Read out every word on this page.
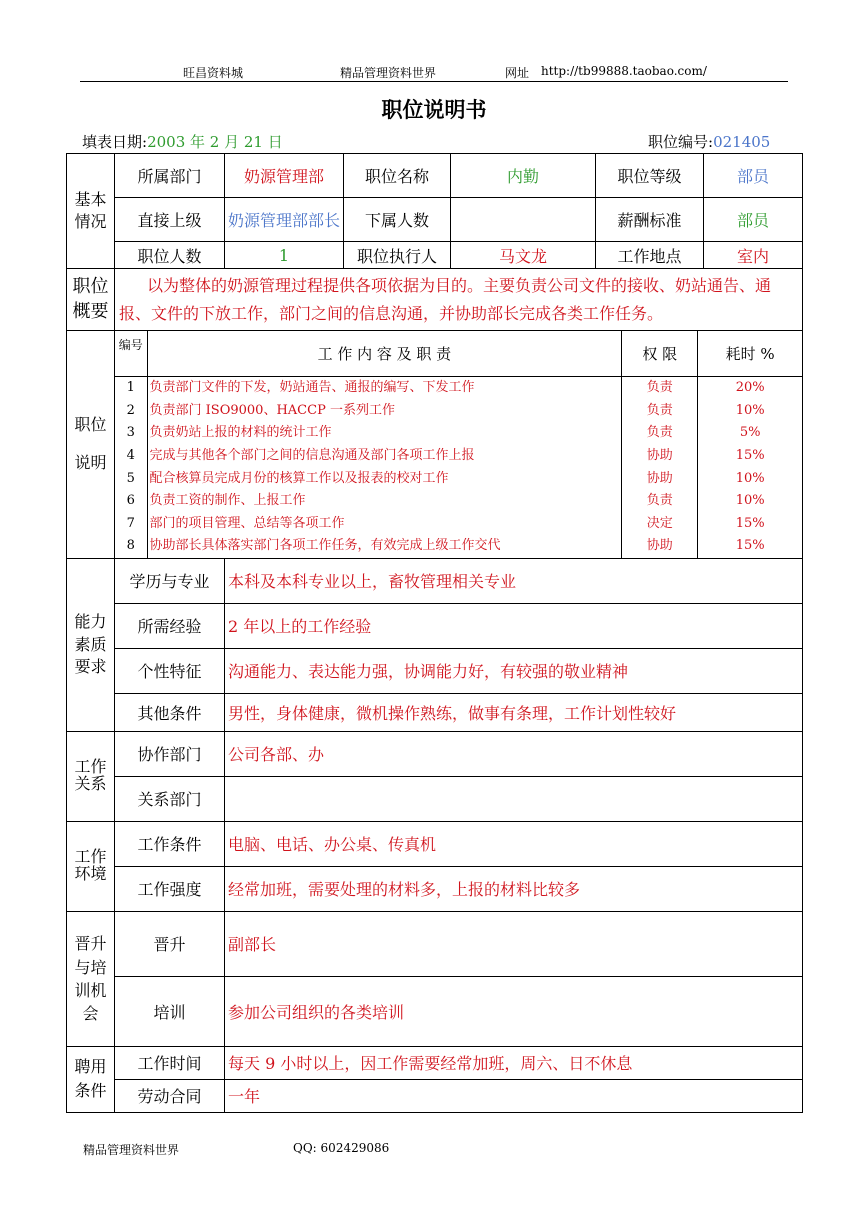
旺昌资料城	精品管理资料世界	网址 http://tb99888.taobao.com/
职位说明书
填表日期:2003 年 2 月 21 日	职位编号:021405
基本情况	所属部门	奶源管理部	职位名称	内勤	职位等级	部员
直接上级	奶源管理部部长	下属人数		薪酬标准	部员
职位人数	1	职位执行人	马文龙	工作地点	室内
职位概要	以为整体的奶源管理过程提供各项依据为目的。主要负责公司文件的接收、奶站通告、通报、文件的下放工作，部门之间的信息沟通，并协助部长完成各类工作任务。
职位说明	
编号	工 作 内 容 及 职 责	权 限	耗时 %
1	负责部门文件的下发，奶站通告、通报的编写、下发工作	负责	20%
2	负责部门 ISO9000、HACCP 一系列工作	负责	10%
3	负责奶站上报的材料的统计工作	负责	5%
4	完成与其他各个部门之间的信息沟通及部门各项工作上报	协助	15%
5	配合核算员完成月份的核算工作以及报表的校对工作	协助	10%
6	负责工资的制作、上报工作	负责	10%
7	部门的项目管理、总结等各项工作	决定	15%
8	协助部长具体落实部门各项工作任务，有效完成上级工作交代	协助	15%

能力素质要求	学历与专业	本科及本科专业以上，畜牧管理相关专业
所需经验	2 年以上的工作经验
个性特征	沟通能力、表达能力强，协调能力好，有较强的敬业精神
其他条件	男性，身体健康，微机操作熟练，做事有条理，工作计划性较好
工作关系	协作部门	公司各部、办
关系部门	
工作环境	工作条件	电脑、电话、办公桌、传真机
工作强度	经常加班，需要处理的材料多，上报的材料比较多
晋升与培训机会	晋升	副部长
培训	参加公司组织的各类培训
聘用条件	工作时间	每天 9 小时以上，因工作需要经常加班，周六、日不休息
劳动合同	一年
精品管理资料世界	QQ: 602429086
